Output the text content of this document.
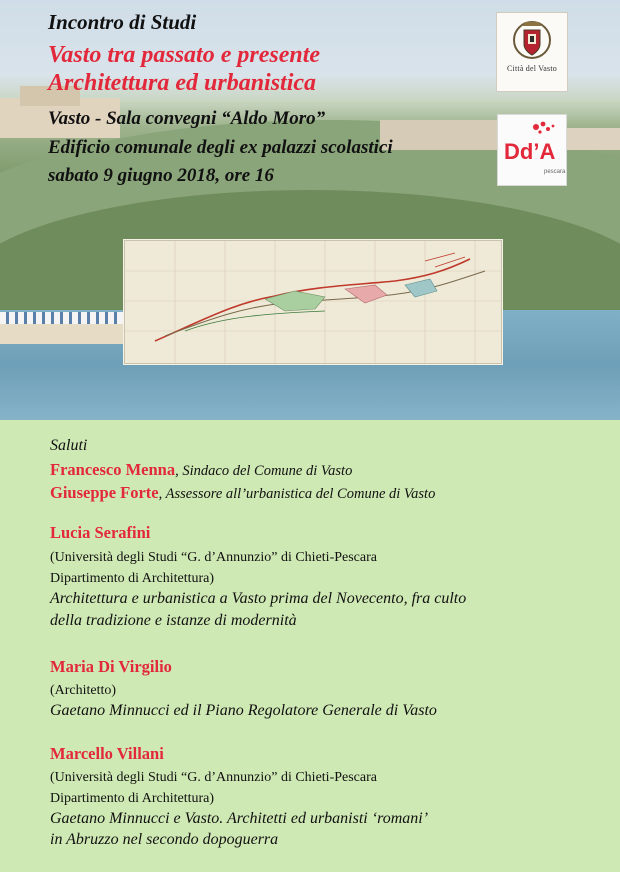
Incontro di Studi

Vasto tra passato e presente

Architettura ed urbanistica

Vasto - Sala convegni “Aldo Moro”

Edificio comunale degli ex palazzi scolastici

sabato 9 giugno 2018, ore 16

Città del Vasto
Dd’A
pescara

Saluti

Francesco Menna, Sindaco del Comune di Vasto

Giuseppe Forte, Assessore all’urbanistica del Comune di Vasto

Lucia Serafini

(Università degli Studi “G. d’Annunzio” di Chieti-Pescara

Dipartimento di Architettura)

Architettura e urbanistica a Vasto prima del Novecento, fra culto

della tradizione e istanze di modernità

Maria Di Virgilio

(Architetto)

Gaetano Minnucci ed il Piano Regolatore Generale di Vasto

Marcello Villani

(Università degli Studi “G. d’Annunzio” di Chieti-Pescara

Dipartimento di Architettura)

Gaetano Minnucci e Vasto. Architetti ed urbanisti ‘romani’

in Abruzzo nel secondo dopoguerra
